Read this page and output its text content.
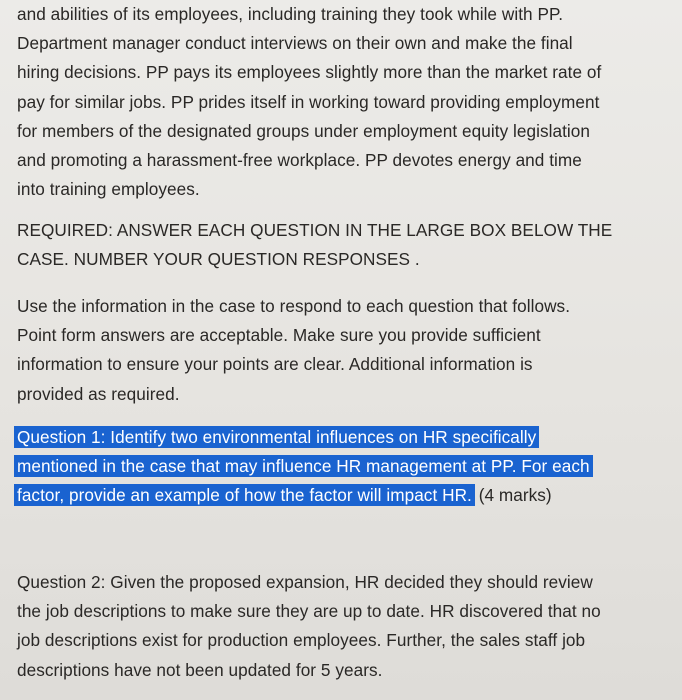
and abilities of its employees, including training they took while with PP.
Department manager conduct interviews on their own and make the final
hiring decisions. PP pays its employees slightly more than the market rate of
pay for similar jobs. PP prides itself in working toward providing employment
for members of the designated groups under employment equity legislation
and promoting a harassment-free workplace. PP devotes energy and time
into training employees.
REQUIRED: ANSWER EACH QUESTION IN THE LARGE BOX BELOW THE
CASE. NUMBER YOUR QUESTION RESPONSES .
Use the information in the case to respond to each question that follows.
Point form answers are acceptable. Make sure you provide sufficient
information to ensure your points are clear. Additional information is
provided as required.
Question 1: Identify two environmental influences on HR specifically
mentioned in the case that may influence HR management at PP. For each
factor, provide an example of how the factor will impact HR. (4 marks)
Question 2: Given the proposed expansion, HR decided they should review
the job descriptions to make sure they are up to date. HR discovered that no
job descriptions exist for production employees. Further, the sales staff job
descriptions have not been updated for 5 years.
